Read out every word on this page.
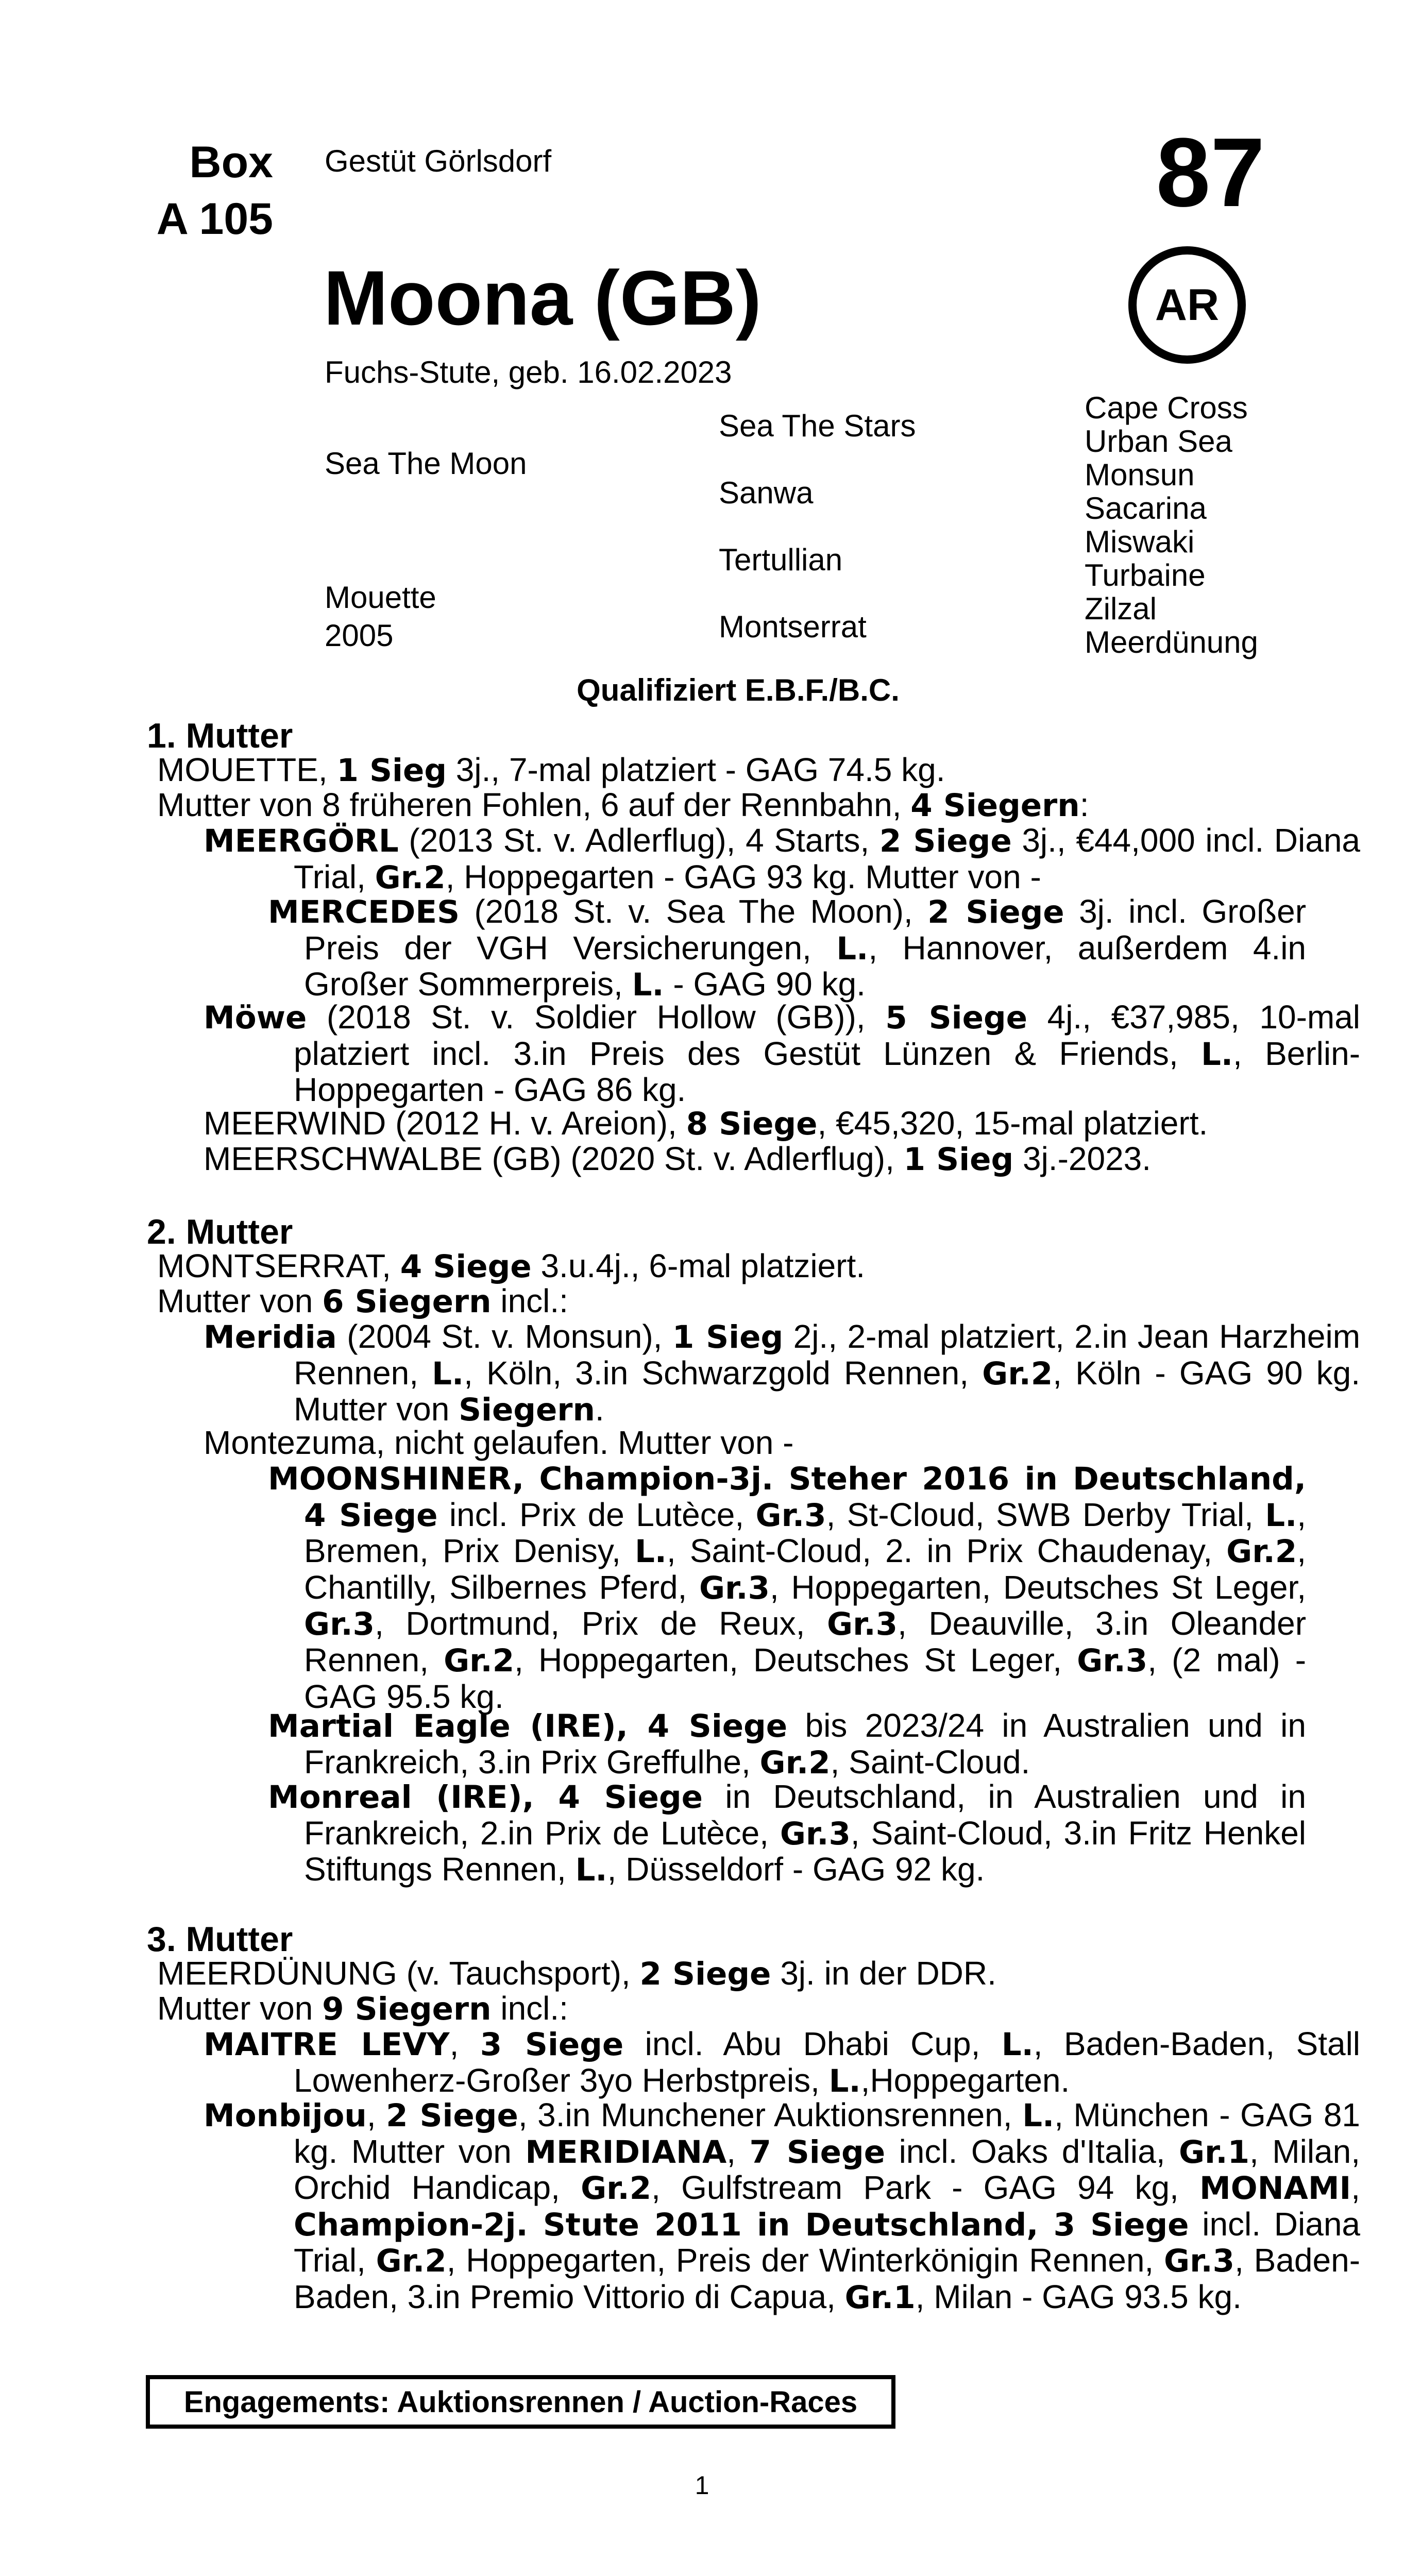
Box
A 105
Gestüt Görlsdorf	87
AR
Moona (GB)
Fuchs-Stute, geb. 16.02.2023
Sea The Moon
Mouette
2005
Sea The Stars
Sanwa
Tertullian
Montserrat
Cape Cross
Urban Sea
Monsun
Sacarina
Miswaki
Turbaine
Zilzal
Meerdünung
Qualifiziert E.B.F./B.C.
1. Mutter
MOUETTE, 1 Sieg 3j., 7-mal platziert - GAG 74.5 kg.
Mutter von 8 früheren Fohlen, 6 auf der Rennbahn, 4 Siegern:

MEERGÖRL (2013 St. v. Adlerflug), 4 Starts, 2 Siege 3j., €44,000 incl. Diana Trial, Gr.2, Hoppegarten - GAG 93 kg. Mutter von -

MERCEDES (2018 St. v. Sea The Moon), 2 Siege 3j. incl. Großer Preis der VGH Versicherungen, L., Hannover, außerdem 4.in Großer Sommerpreis, L. - GAG 90 kg.

Möwe (2018 St. v. Soldier Hollow (GB)), 5 Siege 4j., €37,985, 10-mal platziert incl. 3.in Preis des Gestüt Lünzen & Friends, L., Berlin-Hoppegarten - GAG 86 kg.

MEERWIND (2012 H. v. Areion), 8 Siege, €45,320, 15-mal platziert.

MEERSCHWALBE (GB) (2020 St. v. Adlerflug), 1 Sieg 3j.-2023.

2. Mutter
MONTSERRAT, 4 Siege 3.u.4j., 6-mal platziert.
Mutter von 6 Siegern incl.:

Meridia (2004 St. v. Monsun), 1 Sieg 2j., 2-mal platziert, 2.in Jean Harzheim Rennen, L., Köln, 3.in Schwarzgold Rennen, Gr.2, Köln - GAG 90 kg. Mutter von Siegern.

Montezuma, nicht gelaufen. Mutter von -

MOONSHINER, Champion-3j. Steher 2016 in Deutschland, 4 Siege incl. Prix de Lutèce, Gr.3, St-Cloud, SWB Derby Trial, L., Bremen, Prix Denisy, L., Saint-Cloud, 2. in Prix Chaudenay, Gr.2, Chantilly, Silbernes Pferd, Gr.3, Hoppegarten, Deutsches St Leger, Gr.3, Dortmund, Prix de Reux, Gr.3, Deauville, 3.in Oleander Rennen, Gr.2, Hoppegarten, Deutsches St Leger, Gr.3, (2 mal) - GAG 95.5 kg.

Martial Eagle (IRE), 4 Siege bis 2023/24 in Australien und in Frankreich, 3.in Prix Greffulhe, Gr.2, Saint-Cloud.

Monreal (IRE), 4 Siege in Deutschland, in Australien und in Frankreich, 2.in Prix de Lutèce, Gr.3, Saint-Cloud, 3.in Fritz Henkel Stiftungs Rennen, L., Düsseldorf - GAG 92 kg.

3. Mutter
MEERDÜNUNG (v. Tauchsport), 2 Siege 3j. in der DDR.
Mutter von 9 Siegern incl.:

MAITRE LEVY, 3 Siege incl. Abu Dhabi Cup, L., Baden-Baden, Stall Lowenherz-Großer 3yo Herbstpreis, L.,Hoppegarten.

Monbijou, 2 Siege, 3.in Munchener Auktionsrennen, L., München - GAG 81 kg. Mutter von MERIDIANA, 7 Siege incl. Oaks d'Italia, Gr.1, Milan, Orchid Handicap, Gr.2, Gulfstream Park - GAG 94 kg, MONAMI, Champion-2j. Stute 2011 in Deutschland, 3 Siege incl. Diana Trial, Gr.2, Hoppegarten, Preis der Winterkönigin Rennen, Gr.3, Baden-Baden, 3.in Premio Vittorio di Capua, Gr.1, Milan - GAG 93.5 kg.

Engagements: Auktionsrennen / Auction-Races
1
